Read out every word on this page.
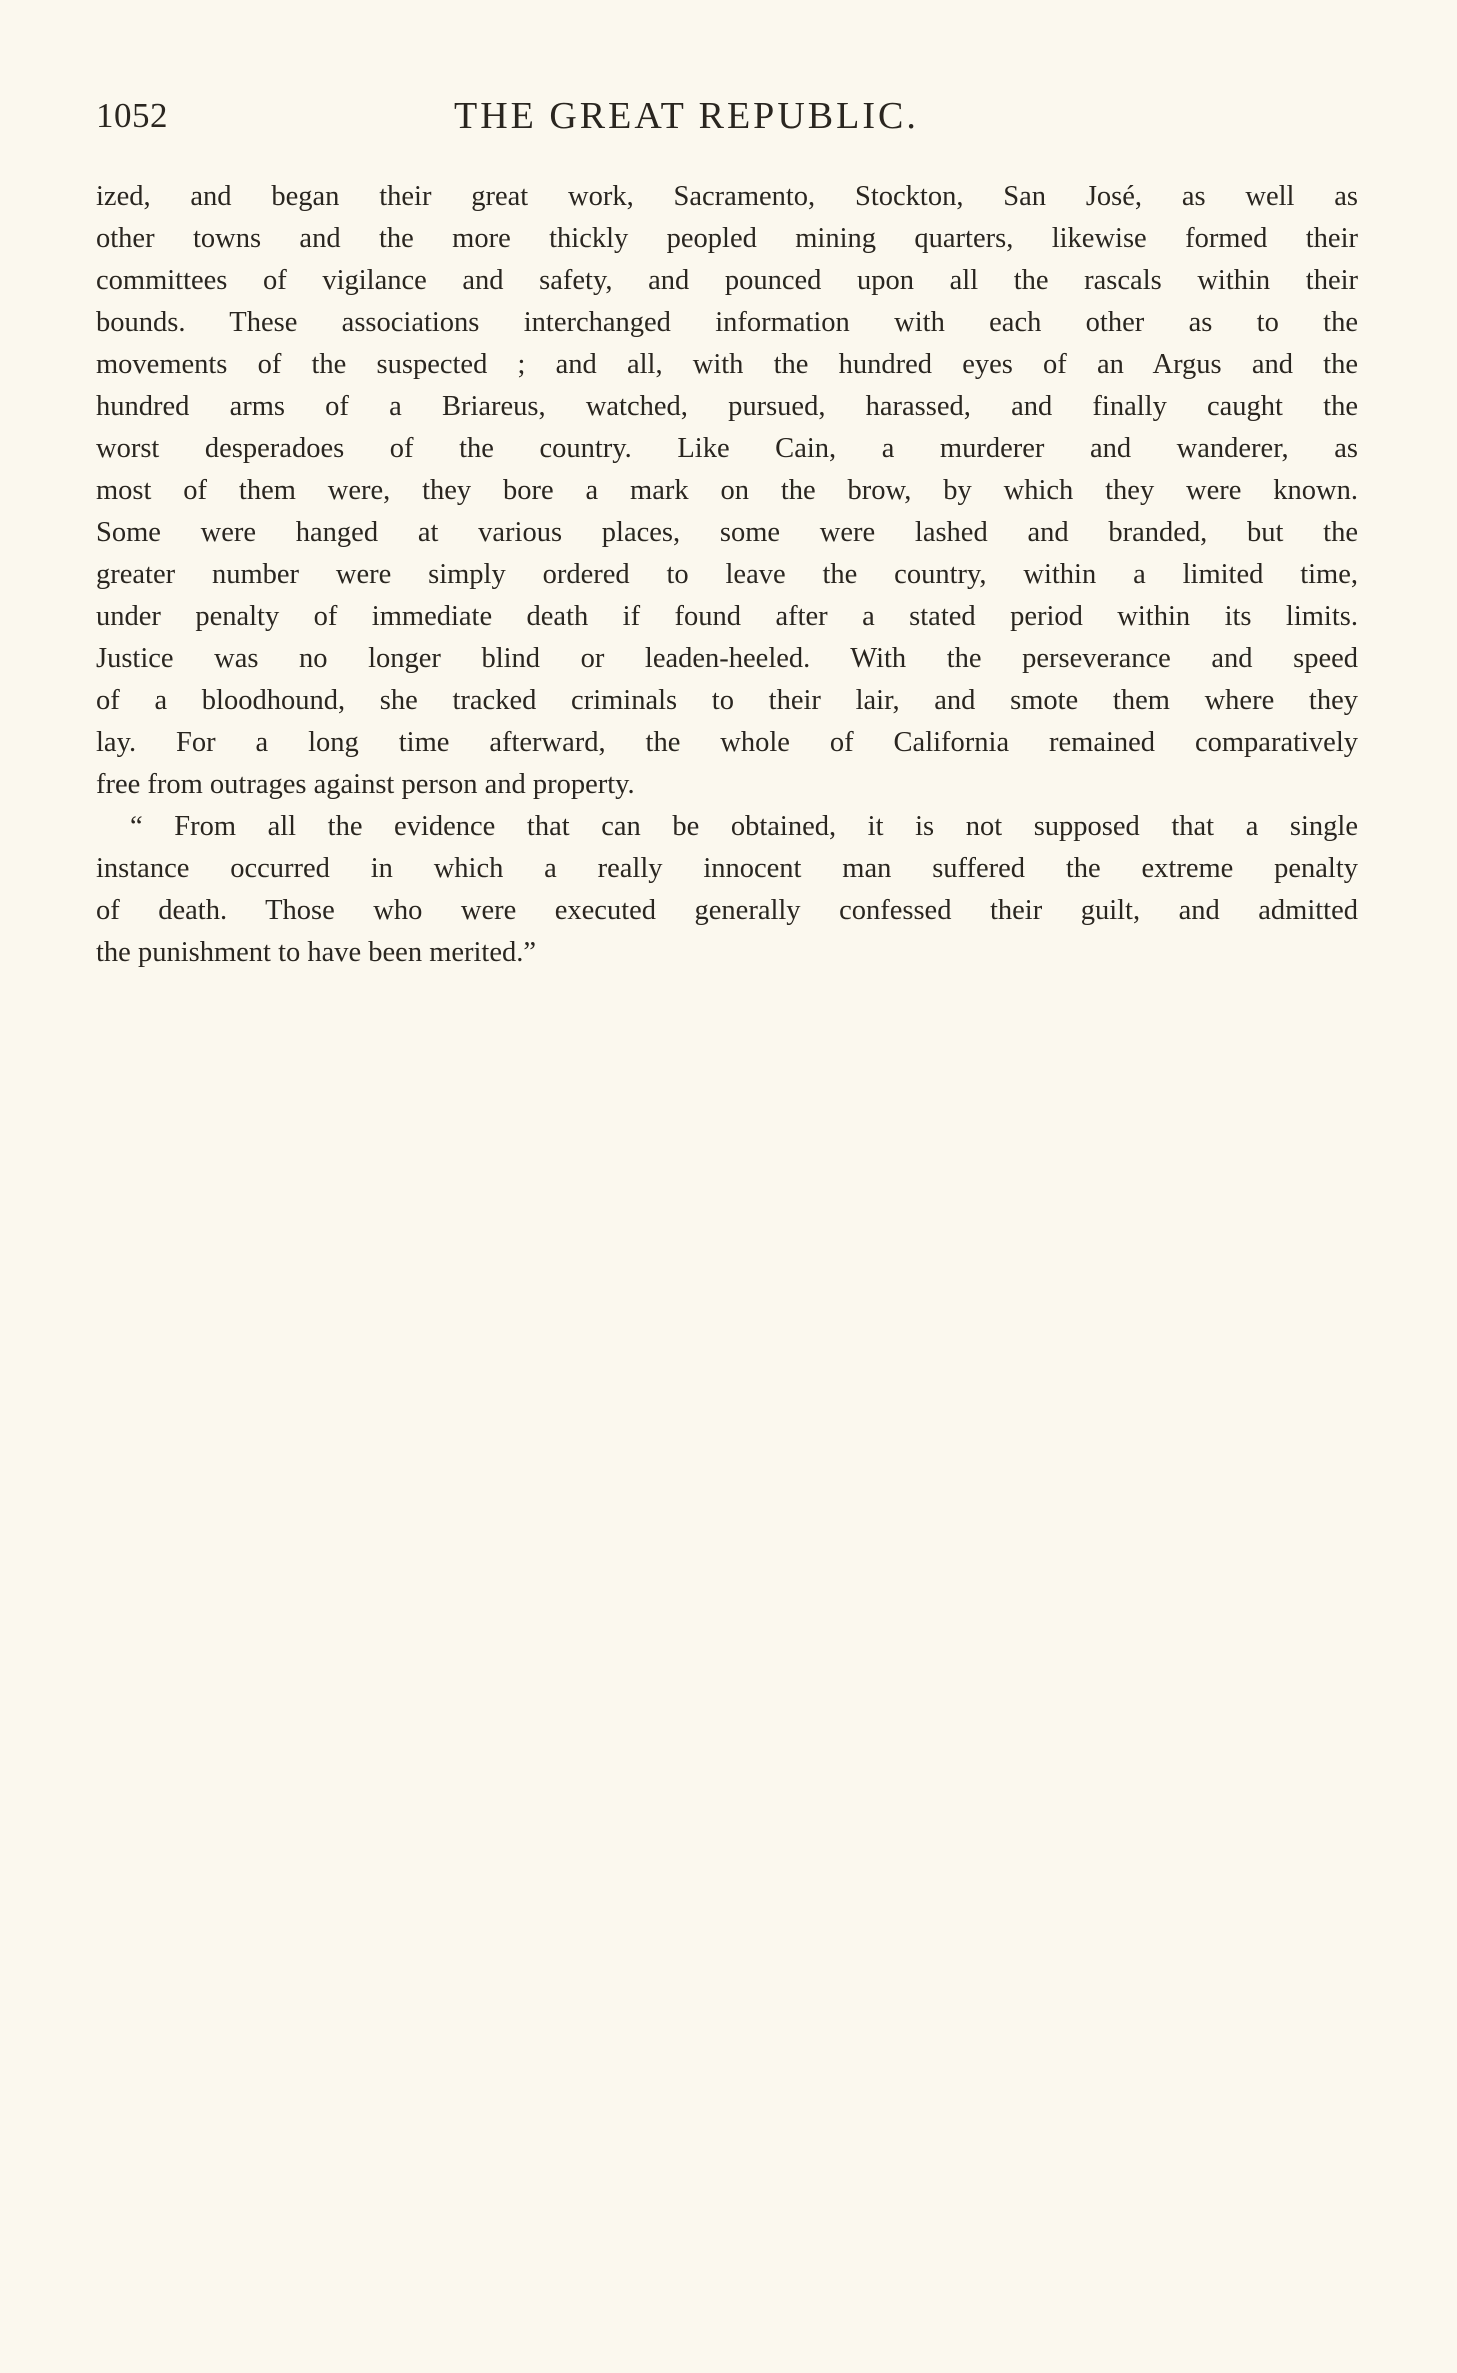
1052	THE GREAT REPUBLIC.
ized, and began their great work, Sacramento, Stockton, San José, as well as
other towns and the more thickly peopled mining quarters, likewise formed their
committees of vigilance and safety, and pounced upon all the rascals within their
bounds. These associations interchanged information with each other as to the
movements of the suspected ; and all, with the hundred eyes of an Argus and the
hundred arms of a Briareus, watched, pursued, harassed, and finally caught the
worst desperadoes of the country. Like Cain, a murderer and wanderer, as
most of them were, they bore a mark on the brow, by which they were known.
Some were hanged at various places, some were lashed and branded, but the
greater number were simply ordered to leave the country, within a limited time,
under penalty of immediate death if found after a stated period within its limits.
Justice was no longer blind or leaden-heeled. With the perseverance and speed
of a bloodhound, she tracked criminals to their lair, and smote them where they
lay. For a long time afterward, the whole of California remained comparatively
free from outrages against person and property.
“ From all the evidence that can be obtained, it is not supposed that a single
instance occurred in which a really innocent man suffered the extreme penalty
of death. Those who were executed generally confessed their guilt, and admitted
the punishment to have been merited.”
